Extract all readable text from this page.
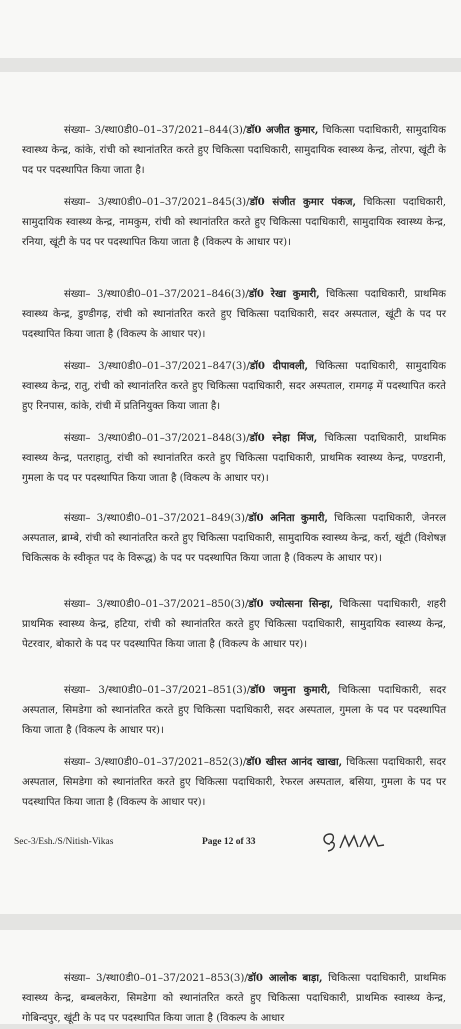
संख्या– 3/स्था0डी0–01–37/2021–844(3)/डॉ0 अजीत कुमार, चिकित्सा पदाधिकारी, सामुदायिक स्वास्थ्य केन्द्र, कांके, रांची को स्थानांतरित करते हुए चिकित्सा पदाधिकारी, सामुदायिक स्वास्थ्य केन्द्र, तोरपा, खूंटी के पद पर पदस्थापित किया जाता है।

संख्या– 3/स्था0डी0–01–37/2021–845(3)/डॉ0 संजीत कुमार पंकज, चिकित्सा पदाधिकारी, सामुदायिक स्वास्थ्य केन्द्र, नामकुम, रांची को स्थानांतरित करते हुए चिकित्सा पदाधिकारी, सामुदायिक स्वास्थ्य केन्द्र, रनिया, खूंटी के पद पर पदस्थापित किया जाता है (विकल्प के आधार पर)।

संख्या– 3/स्था0डी0–01–37/2021–846(3)/डॉ0 रेखा कुमारी, चिकित्सा पदाधिकारी, प्राथमिक स्वास्थ्य केन्द्र, डुण्डीगढ़, रांची को स्थानांतरित करते हुए चिकित्सा पदाधिकारी, सदर अस्पताल, खूंटी के पद पर पदस्थापित किया जाता है (विकल्प के आधार पर)।

संख्या– 3/स्था0डी0–01–37/2021–847(3)/डॉ0 दीपावली, चिकित्सा पदाधिकारी, सामुदायिक स्वास्थ्य केन्द्र, रातु, रांची को स्थानांतरित करते हुए चिकित्सा पदाधिकारी, सदर अस्पताल, रामगढ़ में पदस्थापित करते हुए रिनपास, कांके, रांची में प्रतिनियुक्त किया जाता है।

संख्या– 3/स्था0डी0–01–37/2021–848(3)/डॉ0 स्नेहा मिंज, चिकित्सा पदाधिकारी, प्राथमिक स्वास्थ्य केन्द्र, पतराहातु, रांची को स्थानांतरित करते हुए चिकित्सा पदाधिकारी, प्राथमिक स्वास्थ्य केन्द्र, पण्डरानी, गुमला के पद पर पदस्थापित किया जाता है (विकल्प के आधार पर)।

संख्या– 3/स्था0डी0–01–37/2021–849(3)/डॉ0 अनिता कुमारी, चिकित्सा पदाधिकारी, जेनरल अस्पताल, ब्राम्बे, रांची को स्थानांतरित करते हुए चिकित्सा पदाधिकारी, सामुदायिक स्वास्थ्य केन्द्र, कर्रा, खूंटी (विशेषज्ञ चिकित्सक के स्वीकृत पद के विरूद्ध) के पद पर पदस्थापित किया जाता है (विकल्प के आधार पर)।

संख्या– 3/स्था0डी0–01–37/2021–850(3)/डॉ0 ज्योत्सना सिन्हा, चिकित्सा पदाधिकारी, शहरी प्राथमिक स्वास्थ्य केन्द्र, हटिया, रांची को स्थानांतरित करते हुए चिकित्सा पदाधिकारी, सामुदायिक स्वास्थ्य केन्द्र, पेटरवार, बोकारो के पद पर पदस्थापित किया जाता है (विकल्प के आधार पर)।

संख्या– 3/स्था0डी0–01–37/2021–851(3)/डॉ0 जमुना कुमारी, चिकित्सा पदाधिकारी, सदर अस्पताल, सिमडेगा को स्थानांतरित करते हुए चिकित्सा पदाधिकारी, सदर अस्पताल, गुमला के पद पर पदस्थापित किया जाता है (विकल्प के आधार पर)।

संख्या– 3/स्था0डी0–01–37/2021–852(3)/डॉ0 खीस्त आनंद खाखा, चिकित्सा पदाधिकारी, सदर अस्पताल, सिमडेगा को स्थानांतरित करते हुए चिकित्सा पदाधिकारी, रेफरल अस्पताल, बसिया, गुमला के पद पर पदस्थापित किया जाता है (विकल्प के आधार पर)।

Sec-3/Esh./S/Nitish-Vikas	Page 12 of 33

संख्या– 3/स्था0डी0–01–37/2021–853(3)/डॉ0 आलोक बाड़ा, चिकित्सा पदाधिकारी, प्राथमिक स्वास्थ्य केन्द्र, बम्बलकेरा, सिमडेगा को स्थानांतरित करते हुए चिकित्सा पदाधिकारी, प्राथमिक स्वास्थ्य केन्द्र, गोबिन्दपुर, खूंटी के पद पर पदस्थापित किया जाता है (विकल्प के आधार
